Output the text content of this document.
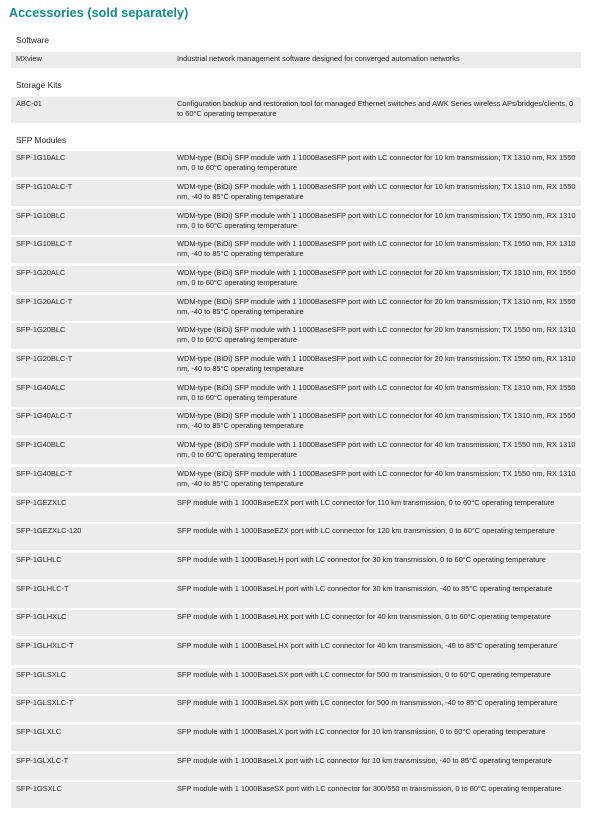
Accessories (sold separately)
Software
MXview	Industrial network management software designed for converged automation networks
Storage Kits
ABC-01	Configuration backup and restoration tool for managed Ethernet switches and AWK Series wireless APs/bridges/clients, 0 to 60°C operating temperature
SFP Modules
SFP-1G10ALC	WDM-type (BiDi) SFP module with 1 1000BaseSFP port with LC connector for 10 km transmission; TX 1310 nm, RX 1550 nm, 0 to 60°C operating temperature
SFP-1G10ALC-T	WDM-type (BiDi) SFP module with 1 1000BaseSFP port with LC connector for 10 km transmission; TX 1310 nm, RX 1550 nm, -40 to 85°C operating temperature
SFP-1G10BLC	WDM-type (BiDi) SFP module with 1 1000BaseSFP port with LC connector for 10 km transmission; TX 1550 nm, RX 1310 nm, 0 to 60°C operating temperature
SFP-1G10BLC-T	WDM-type (BiDi) SFP module with 1 1000BaseSFP port with LC connector for 10 km transmission; TX 1550 nm, RX 1310 nm, -40 to 85°C operating temperature
SFP-1G20ALC	WDM-type (BiDi) SFP module with 1 1000BaseSFP port with LC connector for 20 km transmission; TX 1310 nm, RX 1550 nm, 0 to 60°C operating temperature
SFP-1G20ALC-T	WDM-type (BiDi) SFP module with 1 1000BaseSFP port with LC connector for 20 km transmission; TX 1310 nm, RX 1550 nm, -40 to 85°C operating temperature
SFP-1G20BLC	WDM-type (BiDi) SFP module with 1 1000BaseSFP port with LC connector for 20 km transmission; TX 1550 nm, RX 1310 nm, 0 to 60°C operating temperature
SFP-1G20BLC-T	WDM-type (BiDi) SFP module with 1 1000BaseSFP port with LC connector for 20 km transmission; TX 1550 nm, RX 1310 nm, -40 to 85°C operating temperature
SFP-1G40ALC	WDM-type (BiDi) SFP module with 1 1000BaseSFP port with LC connector for 40 km transmission; TX 1310 nm, RX 1550 nm, 0 to 60°C operating temperature
SFP-1G40ALC-T	WDM-type (BiDi) SFP module with 1 1000BaseSFP port with LC connector for 40 km transmission; TX 1310 nm, RX 1550 nm, -40 to 85°C operating temperature
SFP-1G40BLC	WDM-type (BiDi) SFP module with 1 1000BaseSFP port with LC connector for 40 km transmission; TX 1550 nm, RX 1310 nm, 0 to 60°C operating temperature
SFP-1G40BLC-T	WDM-type (BiDi) SFP module with 1 1000BaseSFP port with LC connector for 40 km transmission; TX 1550 nm, RX 1310 nm, -40 to 85°C operating temperature
SFP-1GEZXLC	SFP module with 1 1000BaseEZX port with LC connector for 110 km transmission, 0 to 60°C operating temperature
SFP-1GEZXLC-120	SFP module with 1 1000BaseEZX port with LC connector for 120 km transmission, 0 to 60°C operating temperature
SFP-1GLHLC	SFP module with 1 1000BaseLH port with LC connector for 30 km transmission, 0 to 60°C operating temperature
SFP-1GLHLC-T	SFP module with 1 1000BaseLH port with LC connector for 30 km transmission, -40 to 85°C operating temperature
SFP-1GLHXLC	SFP module with 1 1000BaseLHX port with LC connector for 40 km transmission, 0 to 60°C operating temperature
SFP-1GLHXLC-T	SFP module with 1 1000BaseLHX port with LC connector for 40 km transmission, -40 to 85°C operating temperature
SFP-1GLSXLC	SFP module with 1 1000BaseLSX port with LC connector for 500 m transmission, 0 to 60°C operating temperature
SFP-1GLSXLC-T	SFP module with 1 1000BaseLSX port with LC connector for 500 m transmission, -40 to 85°C operating temperature
SFP-1GLXLC	SFP module with 1 1000BaseLX port with LC connector for 10 km transmission, 0 to 60°C operating temperature
SFP-1GLXLC-T	SFP module with 1 1000BaseLX port with LC connector for 10 km transmission, -40 to 85°C operating temperature
SFP-1GSXLC	SFP module with 1 1000BaseSX port with LC connector for 300/550 m transmission, 0 to 60°C operating temperature
